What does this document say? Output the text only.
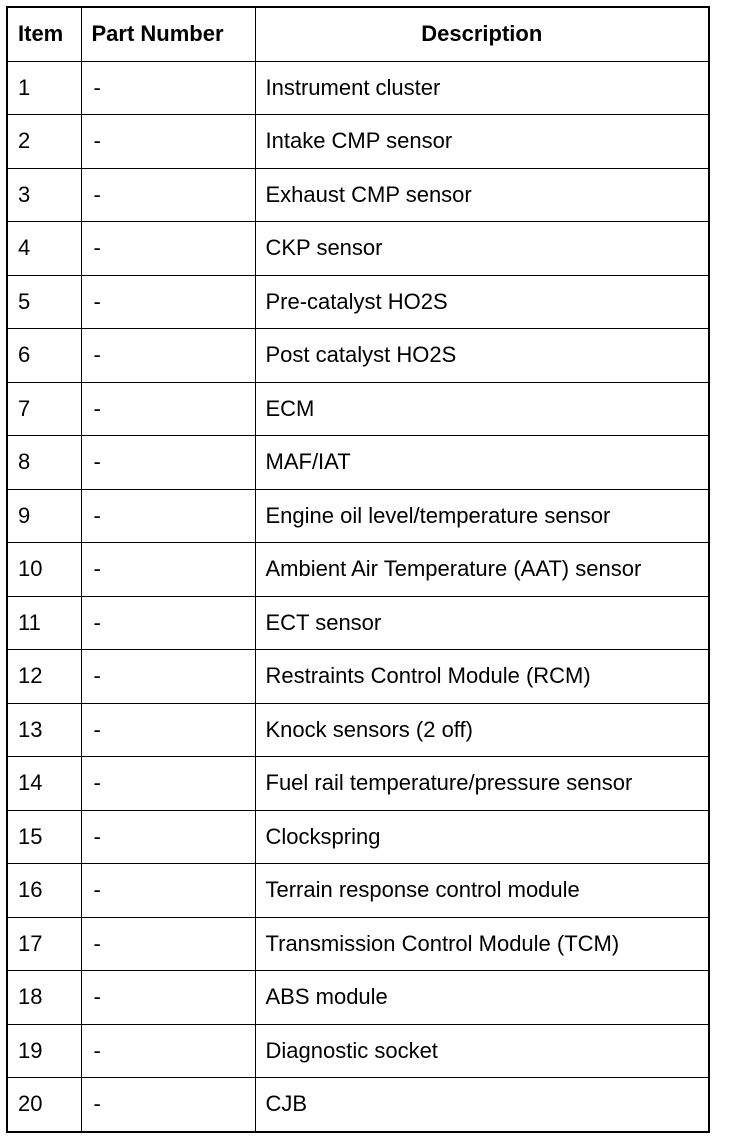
Item	Part Number	Description
1	-	Instrument cluster
2	-	Intake CMP sensor
3	-	Exhaust CMP sensor
4	-	CKP sensor
5	-	Pre-catalyst HO2S
6	-	Post catalyst HO2S
7	-	ECM
8	-	MAF/IAT
9	-	Engine oil level/temperature sensor
10	-	Ambient Air Temperature (AAT) sensor
11	-	ECT sensor
12	-	Restraints Control Module (RCM)
13	-	Knock sensors (2 off)
14	-	Fuel rail temperature/pressure sensor
15	-	Clockspring
16	-	Terrain response control module
17	-	Transmission Control Module (TCM)
18	-	ABS module
19	-	Diagnostic socket
20	-	CJB
